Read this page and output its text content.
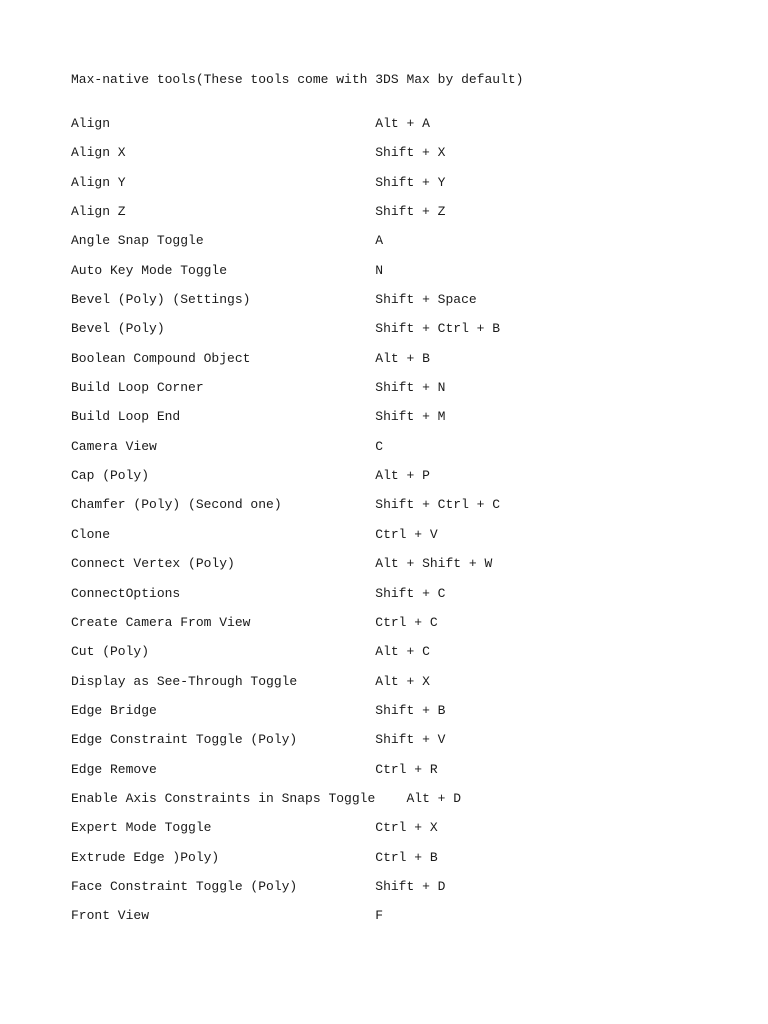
Max-native tools(These tools come with 3DS Max by default)
Align	Alt + A
Align X	Shift + X
Align Y	Shift + Y
Align Z	Shift + Z
Angle Snap Toggle	A
Auto Key Mode Toggle	N
Bevel (Poly) (Settings)	Shift + Space
Bevel (Poly)	Shift + Ctrl + B
Boolean Compound Object	Alt + B
Build Loop Corner	Shift + N
Build Loop End	Shift + M
Camera View	C
Cap (Poly)	Alt + P
Chamfer (Poly) (Second one)	Shift + Ctrl + C
Clone	Ctrl + V
Connect Vertex (Poly)	Alt + Shift + W
ConnectOptions	Shift + C
Create Camera From View	Ctrl + C
Cut (Poly)	Alt + C
Display as See-Through Toggle	Alt + X
Edge Bridge	Shift + B
Edge Constraint Toggle (Poly)	Shift + V
Edge Remove	Ctrl + R
Enable Axis Constraints in Snaps Toggle Alt + D
Expert Mode Toggle	Ctrl + X
Extrude Edge )Poly)	Ctrl + B
Face Constraint Toggle (Poly)	Shift + D
Front View	F
